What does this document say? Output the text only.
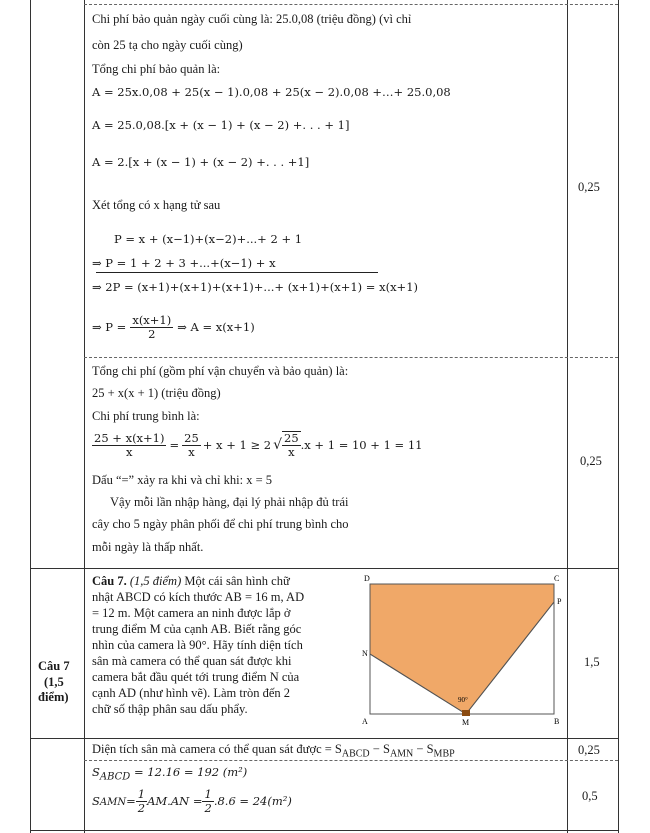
Chi phí bảo quản ngày cuối cùng là: 25.0,08 (triệu đồng) (vì chỉ
còn 25 tạ cho ngày cuối cùng)
Tổng chi phí bảo quản là:
A = 25x.0,08 + 25(x − 1).0,08 + 25(x − 2).0,08 +…+ 25.0,08
A = 25.0,08.[x + (x − 1) + (x − 2) +. . . + 1]
A = 2.[x + (x − 1) + (x − 2) +. . . +1]
Xét tổng có x hạng tử sau
P = x + (x−1)+(x−2)+...+ 2 + 1
⇒ P = 1 + 2 + 3 +...+(x−1) + x
⇒ 2P = (x+1)+(x+1)+(x+1)+...+ (x+1)+(x+1) = x(x+1)
⇒ $P = \frac{x(x+1)}{2}$ ⇒ A = x(x+1)
0,25
Tổng chi phí (gồm phí vận chuyển và bảo quản) là:
25 + x(x + 1) (triệu đồng)
Chi phí trung bình là:
$\frac{25 + x(x+1)}{x} = \frac{25}{x} + x + 1 \ge 2$ √ $\frac{25}{x} .x + 1 = 10 + 1 = 11$
Dấu “=” xảy ra khi và chỉ khi: x = 5
Vậy mỗi lần nhập hàng, đại lý phải nhập đủ trái
cây cho 5 ngày phân phối để chi phí trung bình cho
mỗi ngày là thấp nhất.
0,25
Câu 7
(1,5
điểm)
Câu 7. (1,5 điểm) Một cái sân hình chữ
nhật ABCD có kích thước AB = 16 m, AD
= 12 m. Một camera an ninh được lắp ở
trung điểm M của cạnh AB. Biết rằng góc
nhìn của camera là 90°. Hãy tính diện tích
sân mà camera có thể quan sát được khi
camera bắt đầu quét tới trung điểm N của
cạnh AD (như hình vẽ). Làm tròn đến 2
chữ số thập phân sau dấu phẩy.
1,5
D	C
P
N
A	B
M
90°
Diện tích sân mà camera có thể quan sát được = $S_{ABCD} - S_{AMN} - S_{MBP}$	0,25
$S_{ABCD} = 12.16 = 192$ (m²)
S AMN = $\frac{1}{2} AM.AN = \frac{1}{2} .8.6 = 24(m^2)$	0,5
